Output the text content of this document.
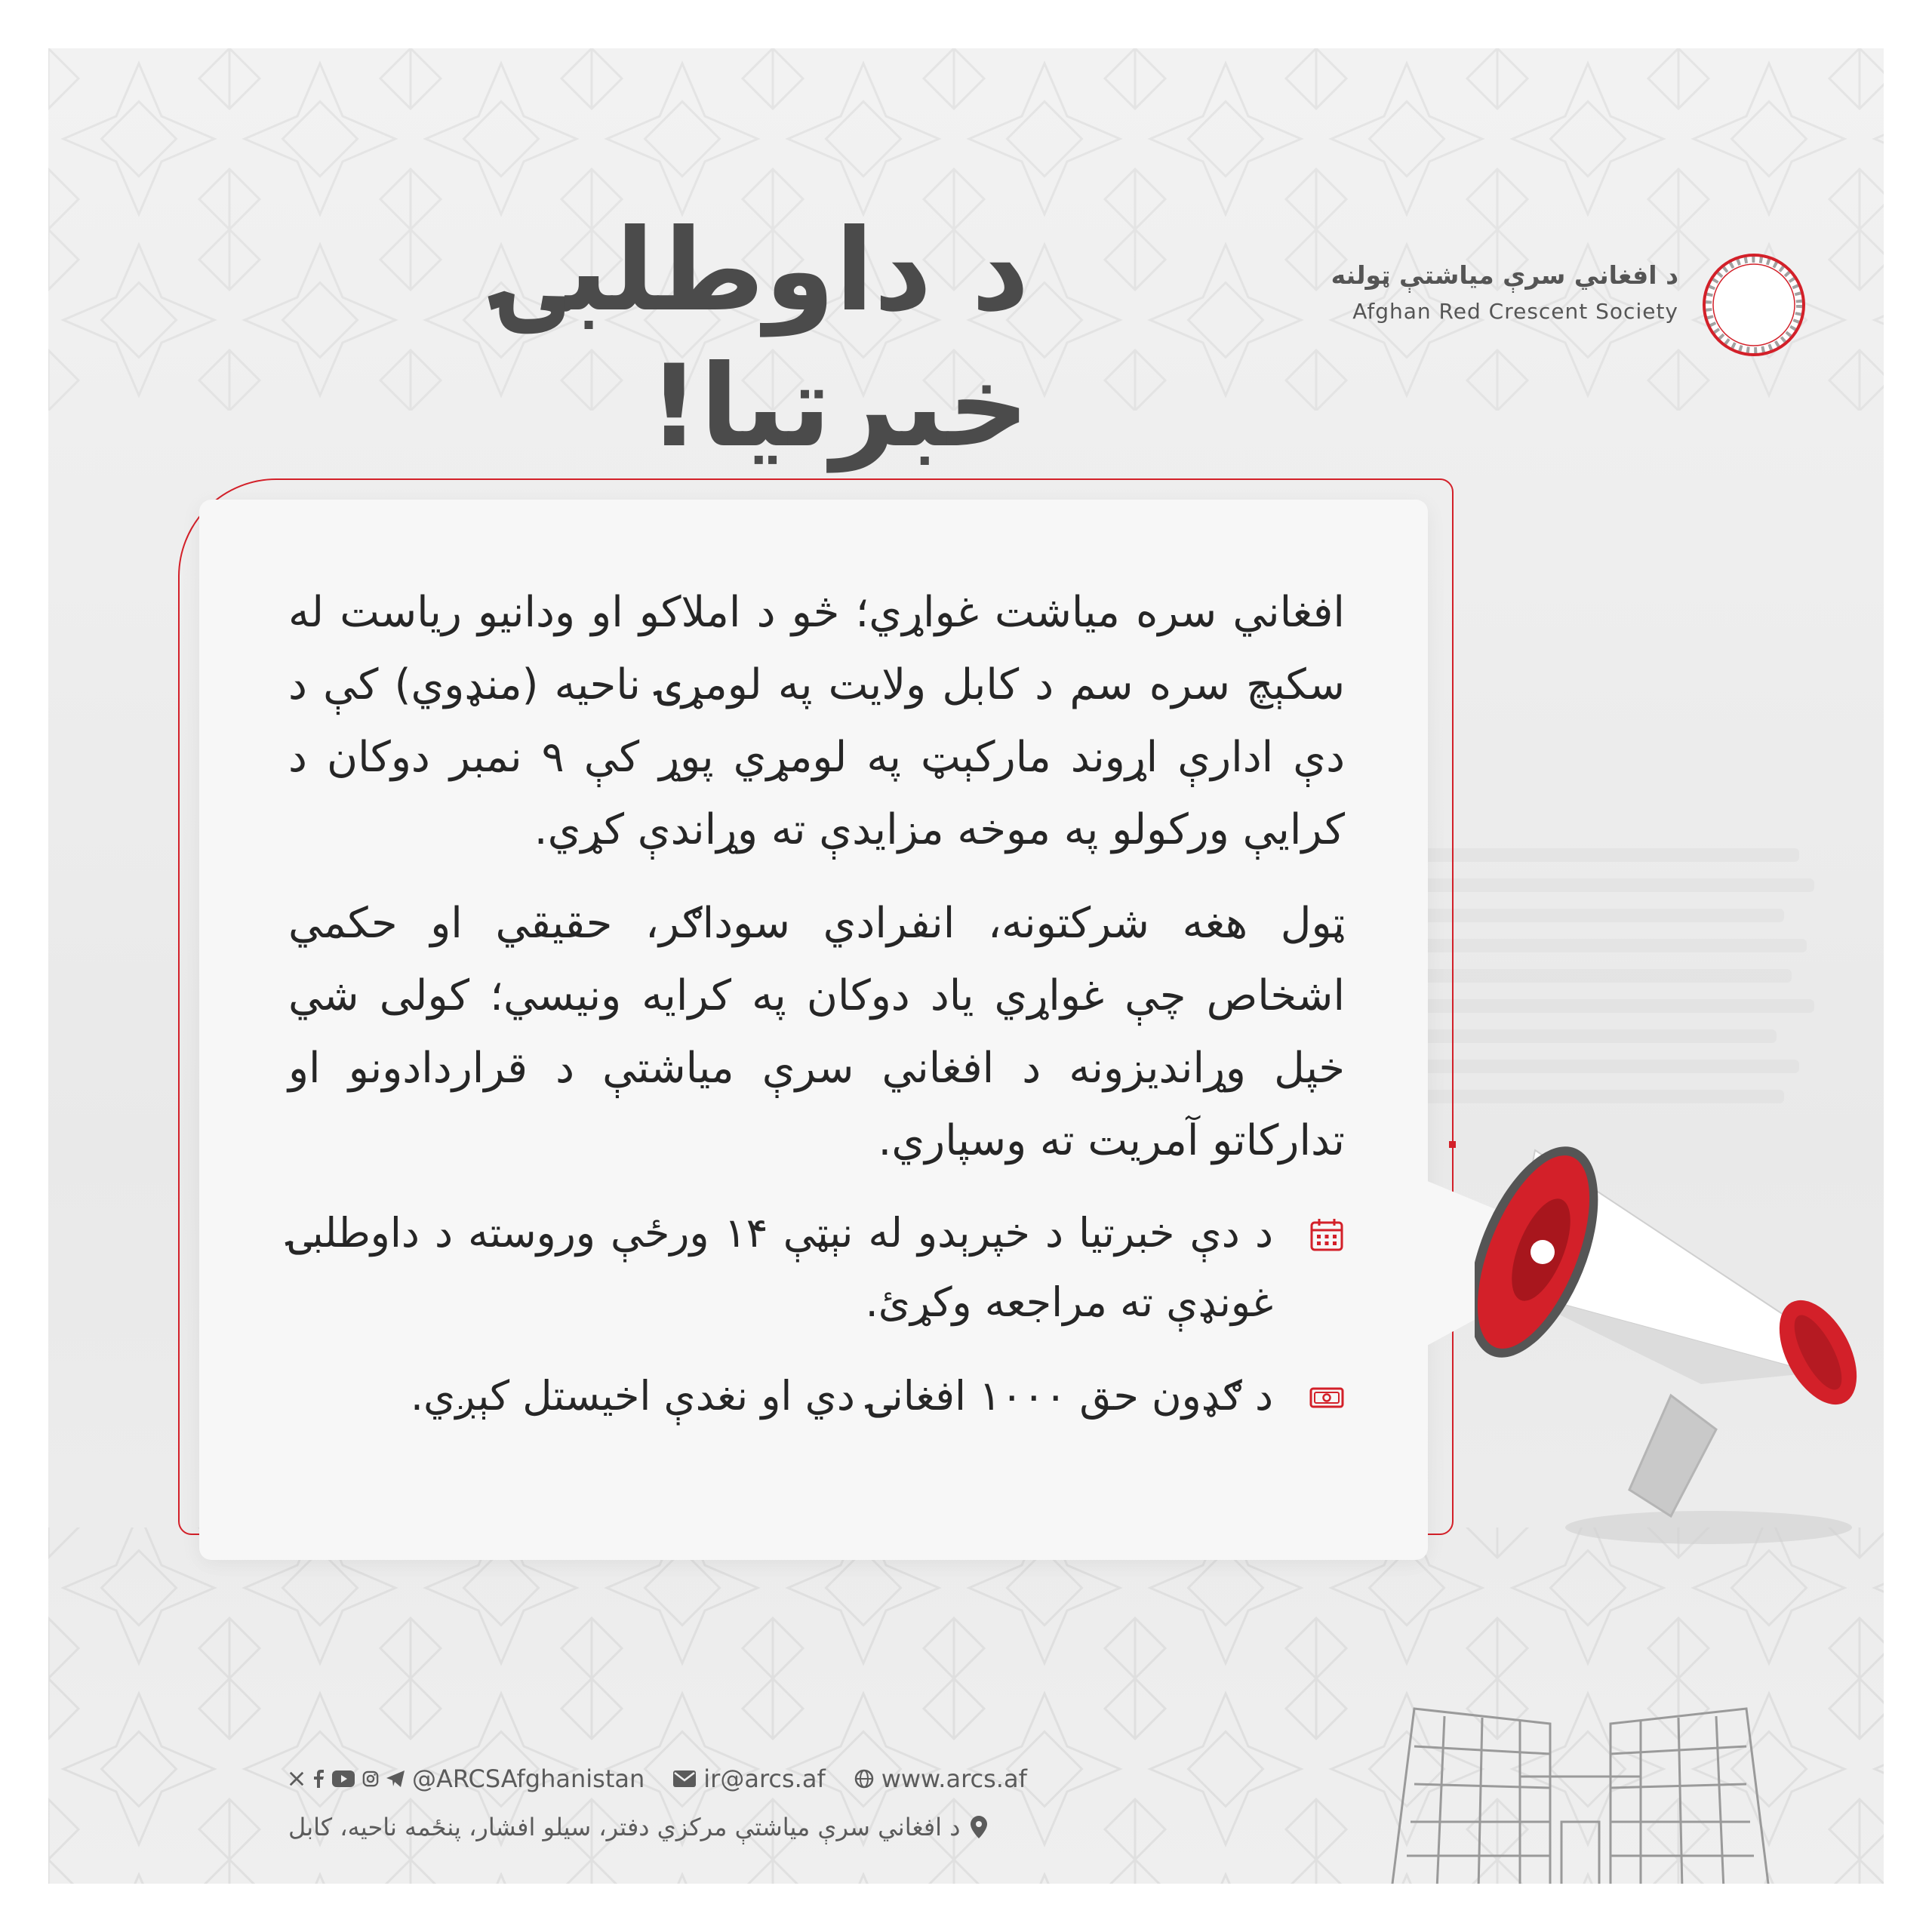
د داوطلبۍ خبرتیا!
د افغاني سرې میاشتې ټولنه
Afghan Red Crescent Society

افغاني سره میاشت غواړي؛ څو د املاکو او ودانیو ریاست له سکېچ سره سم د کابل ولایت په لومړۍ ناحیه (منډوي) کې د دې ادارې اړوند مارکېټ په لومړي پوړ کې ۹ نمبر دوکان د کرایې ورکولو په موخه مزایدې ته وړاندې کړي.

ټول هغه شرکتونه، انفرادي سوداګر، حقیقي او حکمي اشخاص چې غواړي یاد دوکان په کرایه ونیسي؛ کولی شي خپل وړاندیزونه د افغاني سرې میاشتې د قراردادونو او تدارکاتو آمریت ته وسپاري.

د دې خبرتیا د خپرېدو له نېټې ۱۴ ورځې وروسته د داوطلبۍ غونډې ته مراجعه وکړئ.
د ګډون حق ۱۰۰۰ افغانۍ دي او نغدې اخیستل کېږي.
@ARCSAfghanistan ir@arcs.af www.arcs.af
د افغاني سرې میاشتې مرکزي دفتر، سیلو افشار، پنځمه ناحیه، کابل
